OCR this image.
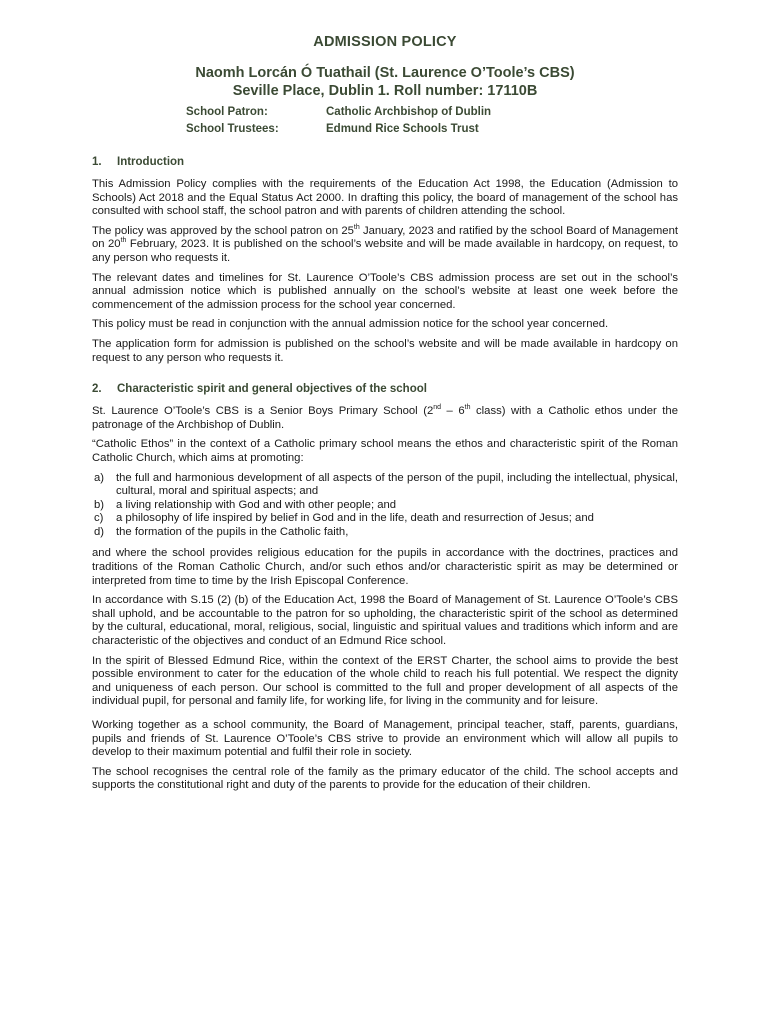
ADMISSION POLICY
Naomh Lorcán Ó Tuathail (St. Laurence O’Toole’s CBS)
Seville Place, Dublin 1. Roll number: 17110B
School Patron:	Catholic Archbishop of Dublin
School Trustees:	Edmund Rice Schools Trust
1.	Introduction

This Admission Policy complies with the requirements of the Education Act 1998, the Education (Admission to Schools) Act 2018 and the Equal Status Act 2000. In drafting this policy, the board of management of the school has consulted with school staff, the school patron and with parents of children attending the school.

The policy was approved by the school patron on 25th January, 2023 and ratified by the school Board of Management on 20th February, 2023. It is published on the school’s website and will be made available in hardcopy, on request, to any person who requests it.

The relevant dates and timelines for St. Laurence O’Toole’s CBS admission process are set out in the school’s annual admission notice which is published annually on the school’s website at least one week before the commencement of the admission process for the school year concerned.

This policy must be read in conjunction with the annual admission notice for the school year concerned.

The application form for admission is published on the school’s website and will be made available in hardcopy on request to any person who requests it.

2.	Characteristic spirit and general objectives of the school

St. Laurence O’Toole’s CBS is a Senior Boys Primary School (2nd – 6th class) with a Catholic ethos under the patronage of the Archbishop of Dublin.

“Catholic Ethos” in the context of a Catholic primary school means the ethos and characteristic spirit of the Roman Catholic Church, which aims at promoting:

a)	the full and harmonious development of all aspects of the person of the pupil, including the intellectual, physical, cultural, moral and spiritual aspects; and
b)	a living relationship with God and with other people; and
c)	a philosophy of life inspired by belief in God and in the life, death and resurrection of Jesus; and
d)	the formation of the pupils in the Catholic faith,

and where the school provides religious education for the pupils in accordance with the doctrines, practices and traditions of the Roman Catholic Church, and/or such ethos and/or characteristic spirit as may be determined or interpreted from time to time by the Irish Episcopal Conference.

In accordance with S.15 (2) (b) of the Education Act, 1998 the Board of Management of St. Laurence O’Toole’s CBS shall uphold, and be accountable to the patron for so upholding, the characteristic spirit of the school as determined by the cultural, educational, moral, religious, social, linguistic and spiritual values and traditions which inform and are characteristic of the objectives and conduct of an Edmund Rice school.

In the spirit of Blessed Edmund Rice, within the context of the ERST Charter, the school aims to provide the best possible environment to cater for the education of the whole child to reach his full potential. We respect the dignity and uniqueness of each person. Our school is committed to the full and proper development of all aspects of the individual pupil, for personal and family life, for working life, for living in the community and for leisure.

Working together as a school community, the Board of Management, principal teacher, staff, parents, guardians, pupils and friends of St. Laurence O’Toole’s CBS strive to provide an environment which will allow all pupils to develop to their maximum potential and fulfil their role in society.

The school recognises the central role of the family as the primary educator of the child. The school accepts and supports the constitutional right and duty of the parents to provide for the education of their children.
